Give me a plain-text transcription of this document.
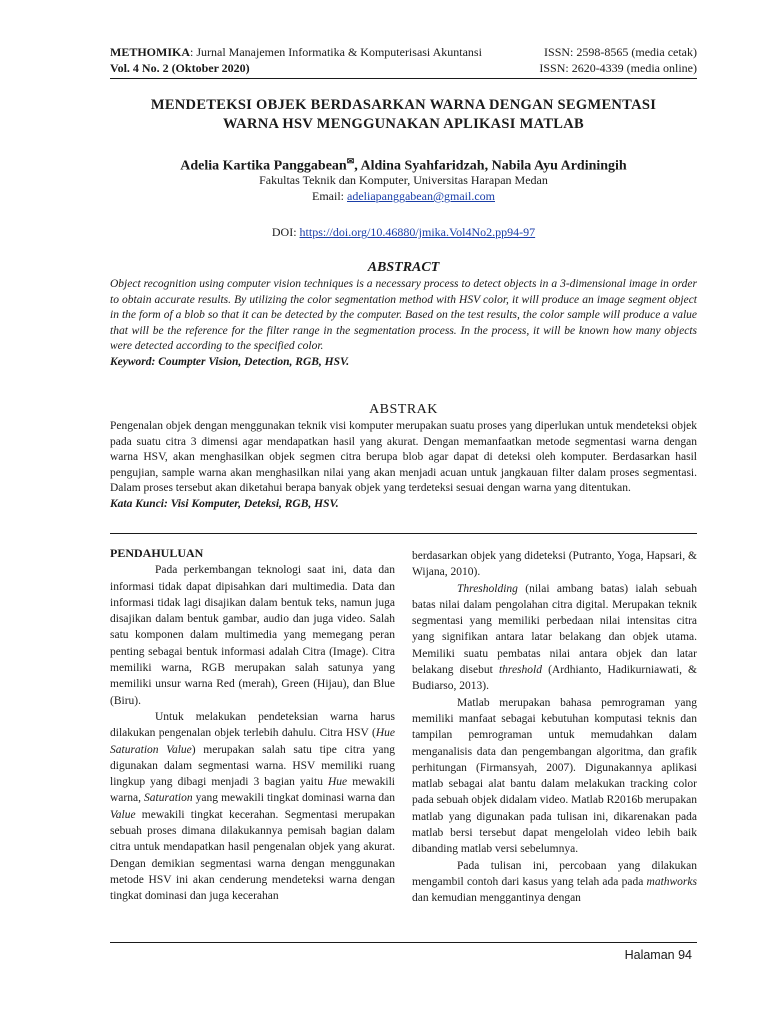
METHOMIKA: Jurnal Manajemen Informatika & Komputerisasi Akuntansi	ISSN: 2598-8565 (media cetak)
Vol. 4 No. 2 (Oktober 2020)	ISSN: 2620-4339 (media online)
MENDETEKSI OBJEK BERDASARKAN WARNA DENGAN SEGMENTASI
WARNA HSV MENGGUNAKAN APLIKASI MATLAB
Adelia Kartika Panggabean✉, Aldina Syahfaridzah, Nabila Ayu Ardiningih
Fakultas Teknik dan Komputer, Universitas Harapan Medan
Email: adeliapanggabean@gmail.com
DOI: https://doi.org/10.46880/jmika.Vol4No2.pp94-97
ABSTRACT
Object recognition using computer vision techniques is a necessary process to detect objects in a 3-dimensional image in order to obtain accurate results. By utilizing the color segmentation method with HSV color, it will produce an image segment object in the form of a blob so that it can be detected by the computer. Based on the test results, the color sample will produce a value that will be the reference for the filter range in the segmentation process. In the process, it will be known how many objects were detected according to the specified color.
Keyword: Coumpter Vision, Detection, RGB, HSV.
ABSTRAK
Pengenalan objek dengan menggunakan teknik visi komputer merupakan suatu proses yang diperlukan untuk mendeteksi objek pada suatu citra 3 dimensi agar mendapatkan hasil yang akurat. Dengan memanfaatkan metode segmentasi warna dengan warna HSV, akan menghasilkan objek segmen citra berupa blob agar dapat di deteksi oleh komputer. Berdasarkan hasil pengujian, sample warna akan menghasilkan nilai yang akan menjadi acuan untuk jangkauan filter dalam proses segmentasi. Dalam proses tersebut akan diketahui berapa banyak objek yang terdeteksi sesuai dengan warna yang ditentukan.
Kata Kunci: Visi Komputer, Deteksi, RGB, HSV.

PENDAHULUAN

Pada perkembangan teknologi saat ini, data dan informasi tidak dapat dipisahkan dari multimedia. Data dan informasi tidak lagi disajikan dalam bentuk teks, namun juga disajikan dalam bentuk gambar, audio dan juga video. Salah satu komponen dalam multimedia yang memegang peran penting sebagai bentuk informasi adalah Citra (Image). Citra memiliki warna, RGB merupakan salah satunya yang memiliki unsur warna Red (merah), Green (Hijau), dan Blue (Biru).

Untuk melakukan pendeteksian warna harus dilakukan pengenalan objek terlebih dahulu. Citra HSV (Hue Saturation Value) merupakan salah satu tipe citra yang digunakan dalam segmentasi warna. HSV memiliki ruang lingkup yang dibagi menjadi 3 bagian yaitu Hue mewakili warna, Saturation yang mewakili tingkat dominasi warna dan Value mewakili tingkat kecerahan. Segmentasi merupakan sebuah proses dimana dilakukannya pemisah bagian dalam citra untuk mendapatkan hasil pengenalan objek yang akurat. Dengan demikian segmentasi warna dengan menggunakan metode HSV ini akan cenderung mendeteksi warna dengan tingkat dominasi dan juga kecerahan

berdasarkan objek yang dideteksi (Putranto, Yoga, Hapsari, & Wijana, 2010).

Thresholding (nilai ambang batas) ialah sebuah batas nilai dalam pengolahan citra digital. Merupakan teknik segmentasi yang memiliki perbedaan nilai intensitas citra yang signifikan antara latar belakang dan objek utama. Memiliki suatu pembatas nilai antara objek dan latar belakang disebut threshold (Ardhianto, Hadikurniawati, & Budiarso, 2013).

Matlab merupakan bahasa pemrograman yang memiliki manfaat sebagai kebutuhan komputasi teknis dan tampilan pemrograman untuk memudahkan dalam menganalisis data dan pengembangan algoritma, dan grafik perhitungan (Firmansyah, 2007). Digunakannya aplikasi matlab sebagai alat bantu dalam melakukan tracking color pada sebuah objek didalam video. Matlab R2016b merupakan matlab yang digunakan pada tulisan ini, dikarenakan pada matlab bersi tersebut dapat mengelolah video lebih baik dibanding matlab versi sebelumnya.

Pada tulisan ini, percobaan yang dilakukan mengambil contoh dari kasus yang telah ada pada mathworks dan kemudian menggantinya dengan

Halaman 94
